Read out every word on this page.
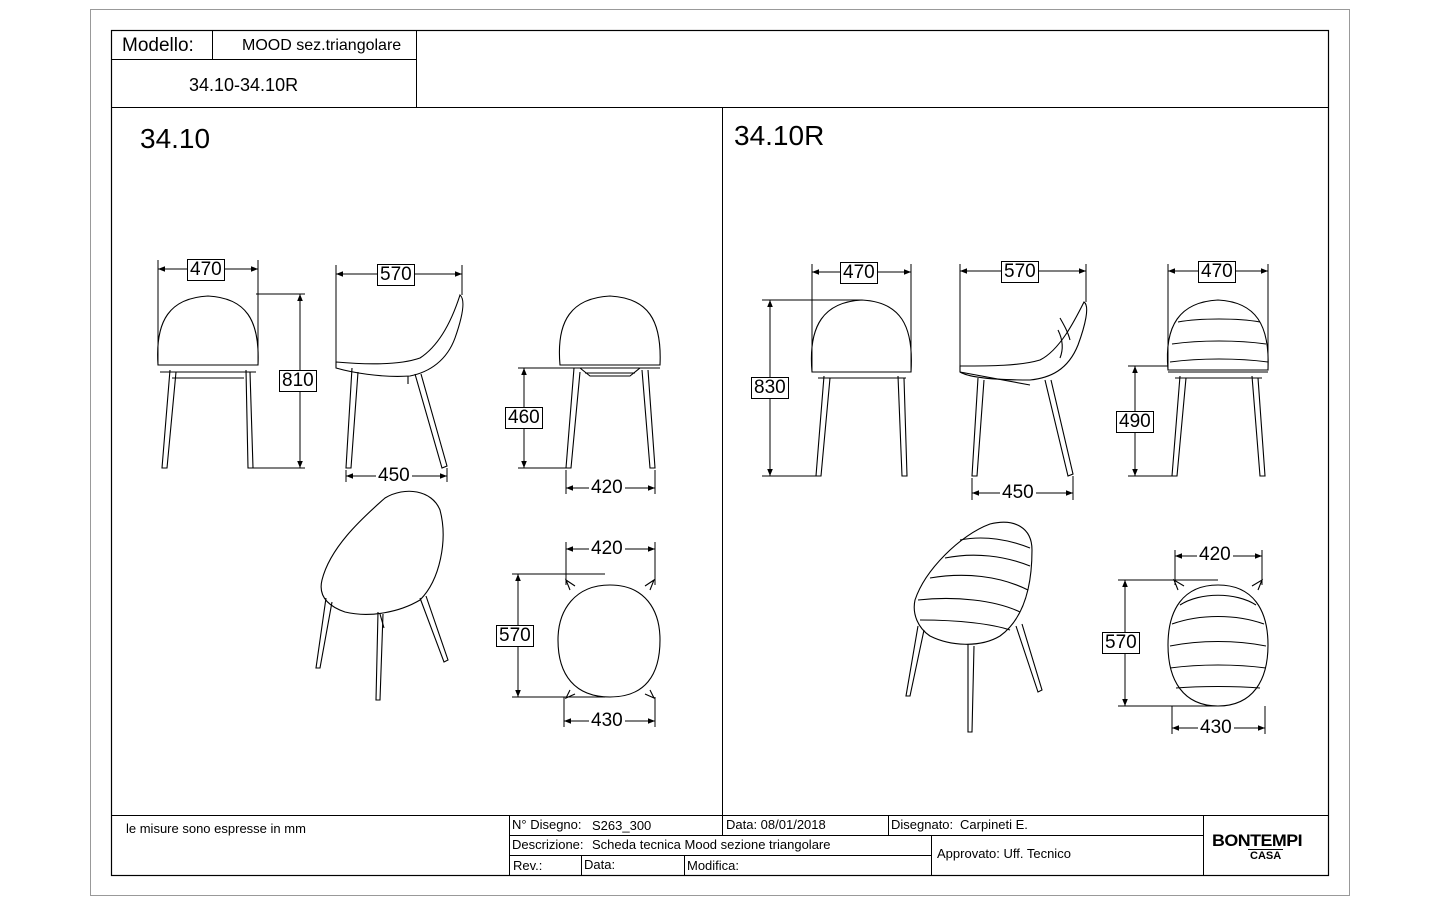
Modello:	MOOD sez.triangolare
34.10-34.10R
34.10	34.10R
470	570
810
450
460
420
420
570
430
470	570	470
830
450
490
420
570
430
le misure sono espresse in mm	N° Disegno: S263_300	Data: 08/01/2018	Disegnato: Carpineti E.
Descrizione: Scheda tecnica Mood sezione triangolare
Approvato: Uff. Tecnico
Rev.:	Data:	Modifica:
BONTEMPI
CASA
